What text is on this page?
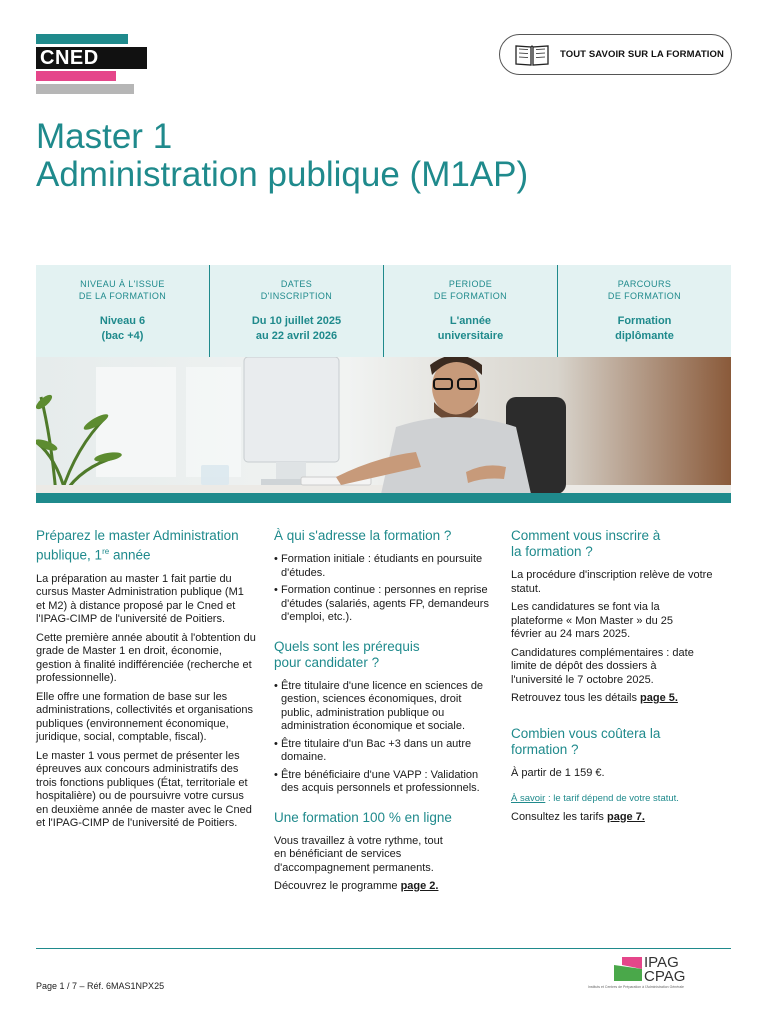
CNED	TOUT SAVOIR SUR LA FORMATION
Master 1
Administration publique (M1AP)
NIVEAU À L'ISSUE
DE LA FORMATION
Niveau 6
(bac +4)
DATES
D'INSCRIPTION
Du 10 juillet 2025
au 22 avril 2026
PERIODE
DE FORMATION
L'année
universitaire
PARCOURS
DE FORMATION
Formation
diplômante
Préparez le master Administration publique, 1re année

La préparation au master 1 fait partie du cursus Master Administration publique (M1 et M2) à distance proposé par le Cned et l'IPAG-CIMP de l'université de Poitiers.

Cette première année aboutit à l'obtention du grade de Master 1 en droit, économie, gestion à finalité indifférenciée (recherche et professionnelle).

Elle offre une formation de base sur les administrations, collectivités et organisations publiques (environnement économique, juridique, social, comptable, fiscal).

Le master 1 vous permet de présenter les épreuves aux concours administratifs des trois fonctions publiques (État, territoriale et hospitalière) ou de poursuivre votre cursus en deuxième année de master avec le Cned et l'IPAG-CIMP de l'université de Poitiers.

À qui s'adresse la formation ?
• Formation initiale : étudiants en poursuite d'études.
• Formation continue : personnes en reprise d'études (salariés, agents FP, demandeurs d'emploi, etc.).
Quels sont les prérequis pour candidater ?
• Être titulaire d'une licence en sciences de gestion, sciences économiques, droit public, administration publique ou administration économique et sociale.
• Être titulaire d'un Bac +3 dans un autre domaine.
• Être bénéficiaire d'une VAPP : Validation des acquis personnels et professionnels.
Une formation 100 % en ligne

Vous travaillez à votre rythme, tout en bénéficiant de services d'accompagnement permanents.

Découvrez le programme page 2.

Comment vous inscrire à la formation ?

La procédure d'inscription relève de votre statut.

Les candidatures se font via la plateforme « Mon Master » du 25 février au 24 mars 2025.

Candidatures complémentaires : date limite de dépôt des dossiers à l'université le 7 octobre 2025.

Retrouvez tous les détails page 5.

Combien vous coûtera la formation ?

À partir de 1 159 €.

À savoir : le tarif dépend de votre statut.

Consultez les tarifs page 7.

Page 1 / 7 – Réf. 6MAS1NPX25
IPAG
CPAG
Instituts et Centres de Préparation à l'Administration Générale
